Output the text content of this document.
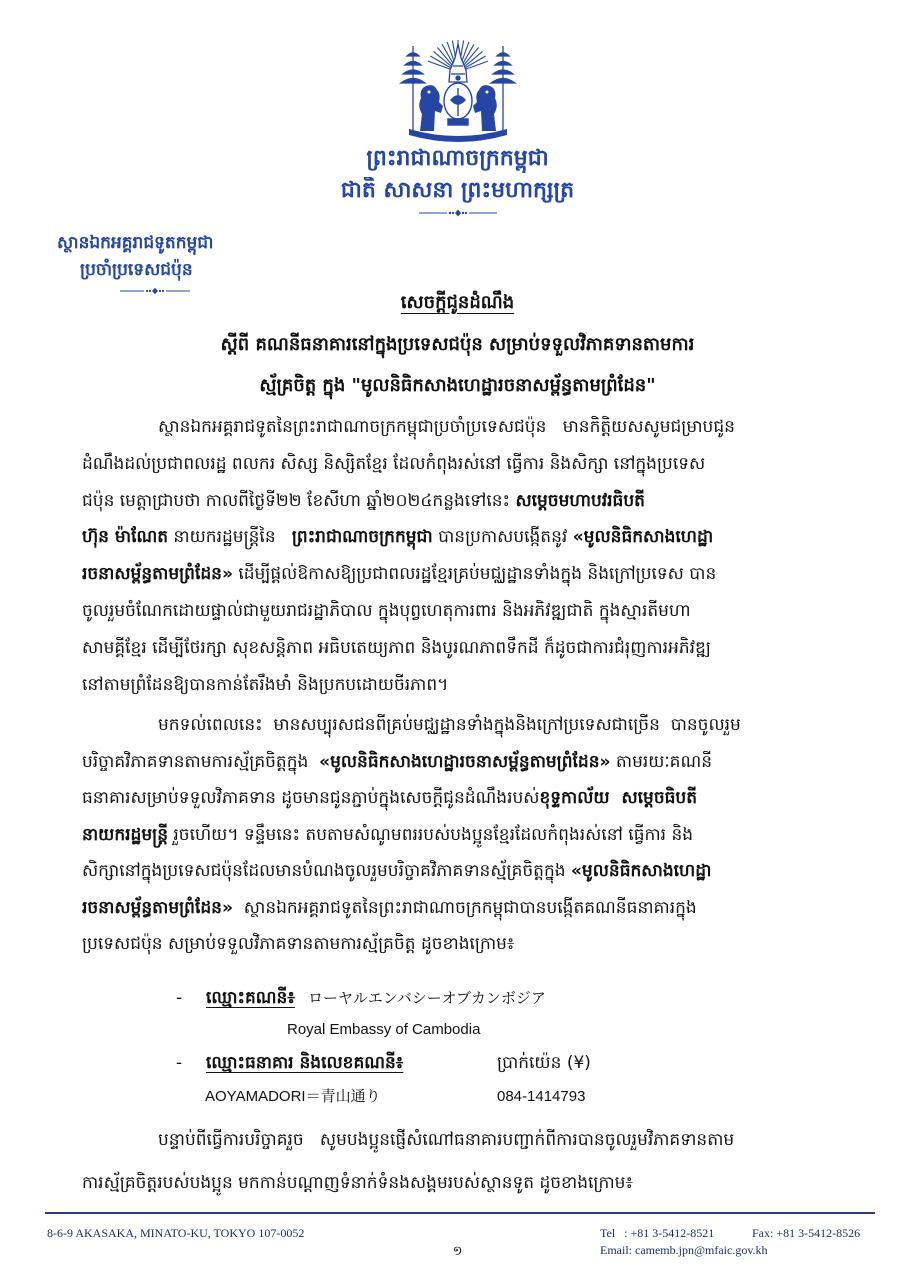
ព្រះរាជាណាចក្រកម្ពុជា
ជាតិ សាសនា ព្រះមហាក្សត្រ
ស្ថានឯកអគ្គរាជទូតកម្ពុជា
ប្រចាំប្រទេសជប៉ុន
សេចក្តីជូនដំណឹង
ស្តីពី គណនីធនាគារនៅក្នុងប្រទេសជប៉ុន សម្រាប់ទទួលវិភាគទានតាមការ
ស្ម័គ្រចិត្ត ក្នុង "មូលនិធិកសាងហេដ្ឋារចនាសម្ព័ន្ធតាមព្រំដែន"
ស្ថានឯកអគ្គរាជទូតនៃព្រះរាជាណាចក្រកម្ពុជាប្រចាំប្រទេសជប៉ុន   មានកិត្តិយសសូមជម្រាបជូន
ដំណឹងដល់ប្រជាពលរដ្ឋ ពលករ សិស្ស និស្សិតខ្មែរ ដែលកំពុងរស់នៅ ធ្វើការ និងសិក្សា នៅក្នុងប្រទេស
ជប៉ុន មេត្តាជ្រាបថា កាលពីថ្ងៃទី២២ ខែសីហា ឆ្នាំ២០២៤កន្លងទៅនេះ សម្តេចមហាបវរធិបតី
ហ៊ុន ម៉ាណែត នាយករដ្ឋមន្ត្រីនៃ   ព្រះរាជាណាចក្រកម្ពុជា បានប្រកាសបង្កើតនូវ «មូលនិធិកសាងហេដ្ឋា
រចនាសម្ព័ន្ធតាមព្រំដែន» ដើម្បីផ្តល់ឱកាសឱ្យប្រជាពលរដ្ឋខ្មែរគ្រប់មជ្ឈដ្ឋានទាំងក្នុង និងក្រៅប្រទេស បាន
ចូលរួមចំណែកដោយផ្ទាល់ជាមួយរាជរដ្ឋាភិបាល ក្នុងបុព្វហេតុការពារ និងអភិវឌ្ឍជាតិ ក្នុងស្មារតីមហា
សាមគ្គីខ្មែរ ដើម្បីថែរក្សា សុខសន្តិភាព អធិបតេយ្យភាព និងបូរណភាពទឹកដី ក៏ដូចជាការជំរុញការអភិវឌ្ឍ
នៅតាមព្រំដែនឱ្យបានកាន់តែរឹងមាំ និងប្រកបដោយចីរភាព។
មកទល់ពេលនេះ  មានសប្បុរសជនពីគ្រប់មជ្ឈដ្ឋានទាំងក្នុងនិងក្រៅប្រទេសជាច្រើន  បានចូលរួម
បរិច្ចាគវិភាគទានតាមការស្ម័គ្រចិត្តក្នុង  «មូលនិធិកសាងហេដ្ឋារចនាសម្ព័ន្ធតាមព្រំដែន» តាមរយៈគណនី
ធនាគារសម្រាប់ទទួលវិភាគទាន ដូចមានជូនភ្ជាប់ក្នុងសេចក្តីជូនដំណឹងរបស់ខុទ្ទកាល័យ  សម្តេចធិបតី
នាយករដ្ឋមន្ត្រី រួចហើយ។ ទន្ទឹមនេះ តបតាមសំណូមពររបស់បងប្អូនខ្មែរដែលកំពុងរស់នៅ ធ្វើការ និង
សិក្សានៅក្នុងប្រទេសជប៉ុនដែលមានបំណងចូលរួមបរិច្ចាគវិភាគទានស្ម័គ្រចិត្តក្នុង «មូលនិធិកសាងហេដ្ឋា
រចនាសម្ព័ន្ធតាមព្រំដែន»  ស្ថានឯកអគ្គរាជទូតនៃព្រះរាជាណាចក្រកម្ពុជាបានបង្កើតគណនីធនាគារក្នុង
ប្រទេសជប៉ុន សម្រាប់ទទួលវិភាគទានតាមការស្ម័គ្រចិត្ត ដូចខាងក្រោម៖
-	ឈ្មោះគណនី៖ ローヤルエンバシーオブカンボジア
Royal Embassy of Cambodia
-	ឈ្មោះធនាគារ និងលេខគណនី៖	ប្រាក់យ៉េន (¥)
AOYAMADORI＝青山通り	084-1414793
បន្ទាប់ពីធ្វើការបរិច្ចាគរួច   សូមបងប្អូនផ្ញើសំណៅធនាគារបញ្ជាក់ពីការបានចូលរួមវិភាគទានតាម
ការស្ម័គ្រចិត្តរបស់បងប្អូន មកកាន់បណ្តាញទំនាក់ទំនងសង្គមរបស់ស្ថានទូត ដូចខាងក្រោម៖
8-6-9 AKASAKA, MINATO-KU, TOKYO 107-0052	Tel   : +81 3-5412-8521	Fax: +81 3-5412-8526
Email: camemb.jpn@mfaic.gov.kh
១
